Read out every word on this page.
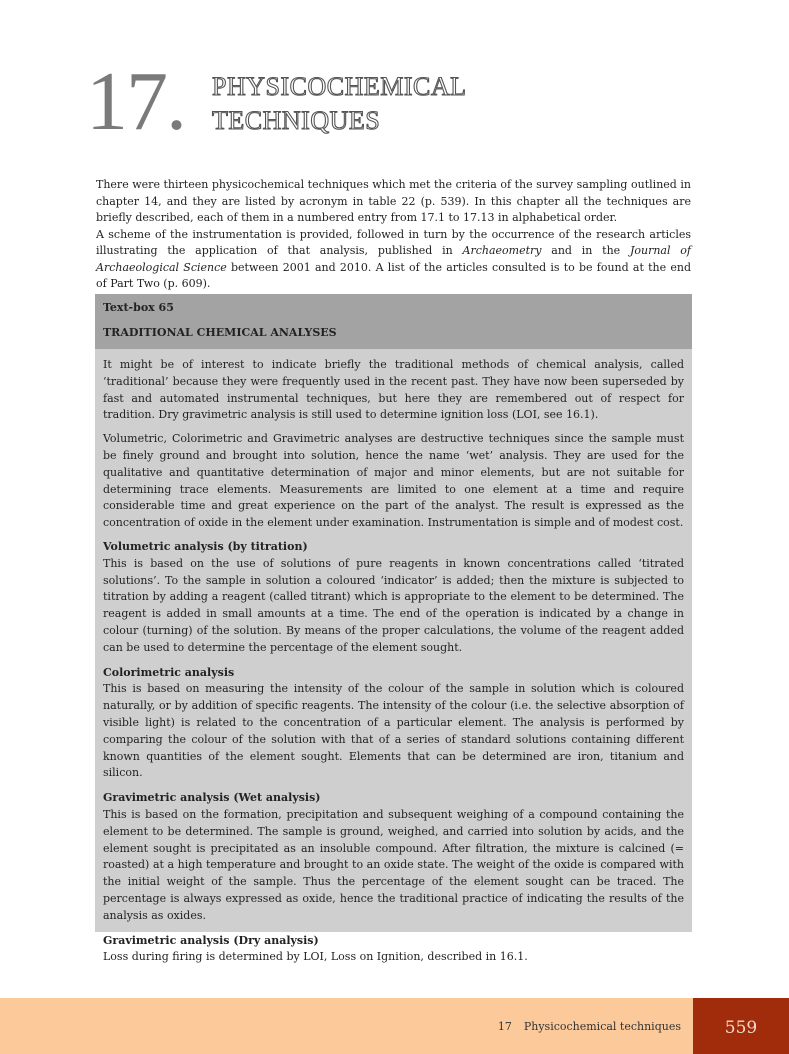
17. PHYSICOCHEMICAL
TECHNIQUES

There were thirteen physicochemical techniques which met the criteria of the survey sampling outlined in chapter 14, and they are listed by acronym in table 22 (p. 539). In this chapter all the techniques are briefly described, each of them in a numbered entry from 17.1 to 17.13 in alphabetical order.

A scheme of the instrumentation is provided, followed in turn by the occurrence of the research articles illustrating the application of that analysis, published in Archaeometry and in the Journal of Archaeological Science between 2001 and 2010. A list of the articles consulted is to be found at the end of Part Two (p. 609).

Text-box 65
TRADITIONAL CHEMICAL ANALYSES

It might be of interest to indicate briefly the traditional methods of chemical analysis, called ‘traditional’ because they were frequently used in the recent past. They have now been superseded by fast and automated instrumental techniques, but here they are remembered out of respect for tradition. Dry gravimetric analysis is still used to determine ignition loss (LOI, see 16.1).

Volumetric, Colorimetric and Gravimetric analyses are destructive techniques since the sample must be finely ground and brought into solution, hence the name ‘wet’ analysis. They are used for the qualitative and quantitative determination of major and minor elements, but are not suitable for determining trace elements. Measurements are limited to one element at a time and require considerable time and great experience on the part of the analyst. The result is expressed as the concentration of oxide in the element under examination. Instrumentation is simple and of modest cost.

Volumetric analysis (by titration)
This is based on the use of solutions of pure reagents in known concentrations called ‘titrated solutions’. To the sample in solution a coloured ‘indicator’ is added; then the mixture is subjected to titration by adding a reagent (called titrant) which is appropriate to the element to be determined. The reagent is added in small amounts at a time. The end of the operation is indicated by a change in colour (turning) of the solution. By means of the proper calculations, the volume of the reagent added can be used to determine the percentage of the element sought.
Colorimetric analysis
This is based on measuring the intensity of the colour of the sample in solution which is coloured naturally, or by addition of specific reagents. The intensity of the colour (i.e. the selective absorption of visible light) is related to the concentration of a particular element. The analysis is performed by comparing the colour of the solution with that of a series of standard solutions containing different known quantities of the element sought. Elements that can be determined are iron, titanium and silicon.
Gravimetric analysis (Wet analysis)
This is based on the formation, precipitation and subsequent weighing of a compound containing the element to be determined. The sample is ground, weighed, and carried into solution by acids, and the element sought is precipitated as an insoluble compound. After filtration, the mixture is calcined (= roasted) at a high temperature and brought to an oxide state. The weight of the oxide is compared with the initial weight of the sample. Thus the percentage of the element sought can be traced. The percentage is always expressed as oxide, hence the traditional practice of indicating the results of the analysis as oxides.
Gravimetric analysis (Dry analysis)
Loss during firing is determined by LOI, Loss on Ignition, described in 16.1.
17 Physicochemical techniques	559
